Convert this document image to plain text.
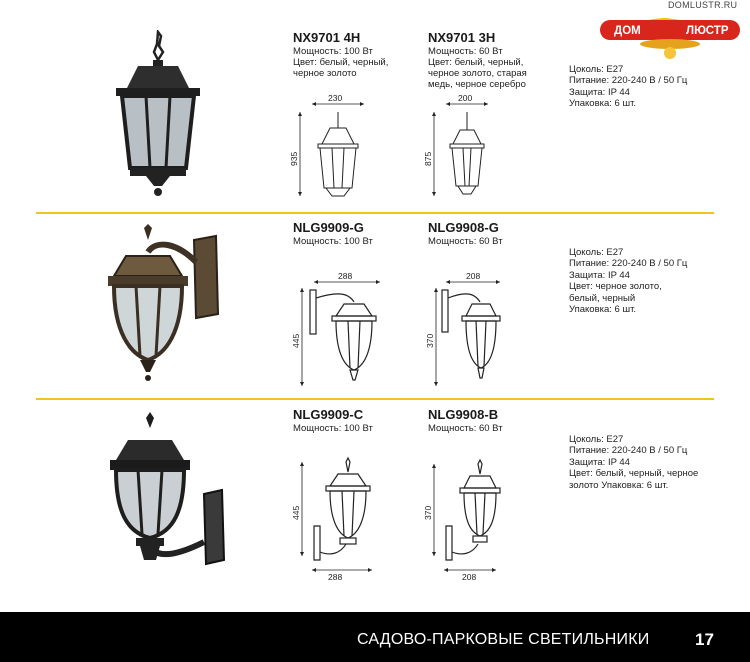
DOMLUSTR.RU
ДОМ	ЛЮСТР
NX9701 4H
Мощность: 100 Вт
Цвет: белый, черный,
черное золото
NX9701 3H
Мощность: 60 Вт
Цвет: белый, черный,
черное золото, старая
медь, черное серебро
230
935
200
875
Цоколь: Е27
Питание: 220-240 В / 50 Гц
Защита: IP 44
Упаковка: 6 шт.
NLG9909-G
Мощность: 100 Вт
NLG9908-G
Мощность: 60 Вт
288
445
208
370
Цоколь: Е27
Питание: 220-240 В / 50 Гц
Защита: IP 44
Цвет: черное золото,
белый, черный
Упаковка: 6 шт.
NLG9909-C
Мощность: 100 Вт
NLG9908-B
Мощность: 60 Вт
445
288
370
208
Цоколь: Е27
Питание: 220-240 В / 50 Гц
Защита: IP 44
Цвет: белый, черный, черное
золото Упаковка: 6 шт.
САДОВО-ПАРКОВЫЕ СВЕТИЛЬНИКИ	17
